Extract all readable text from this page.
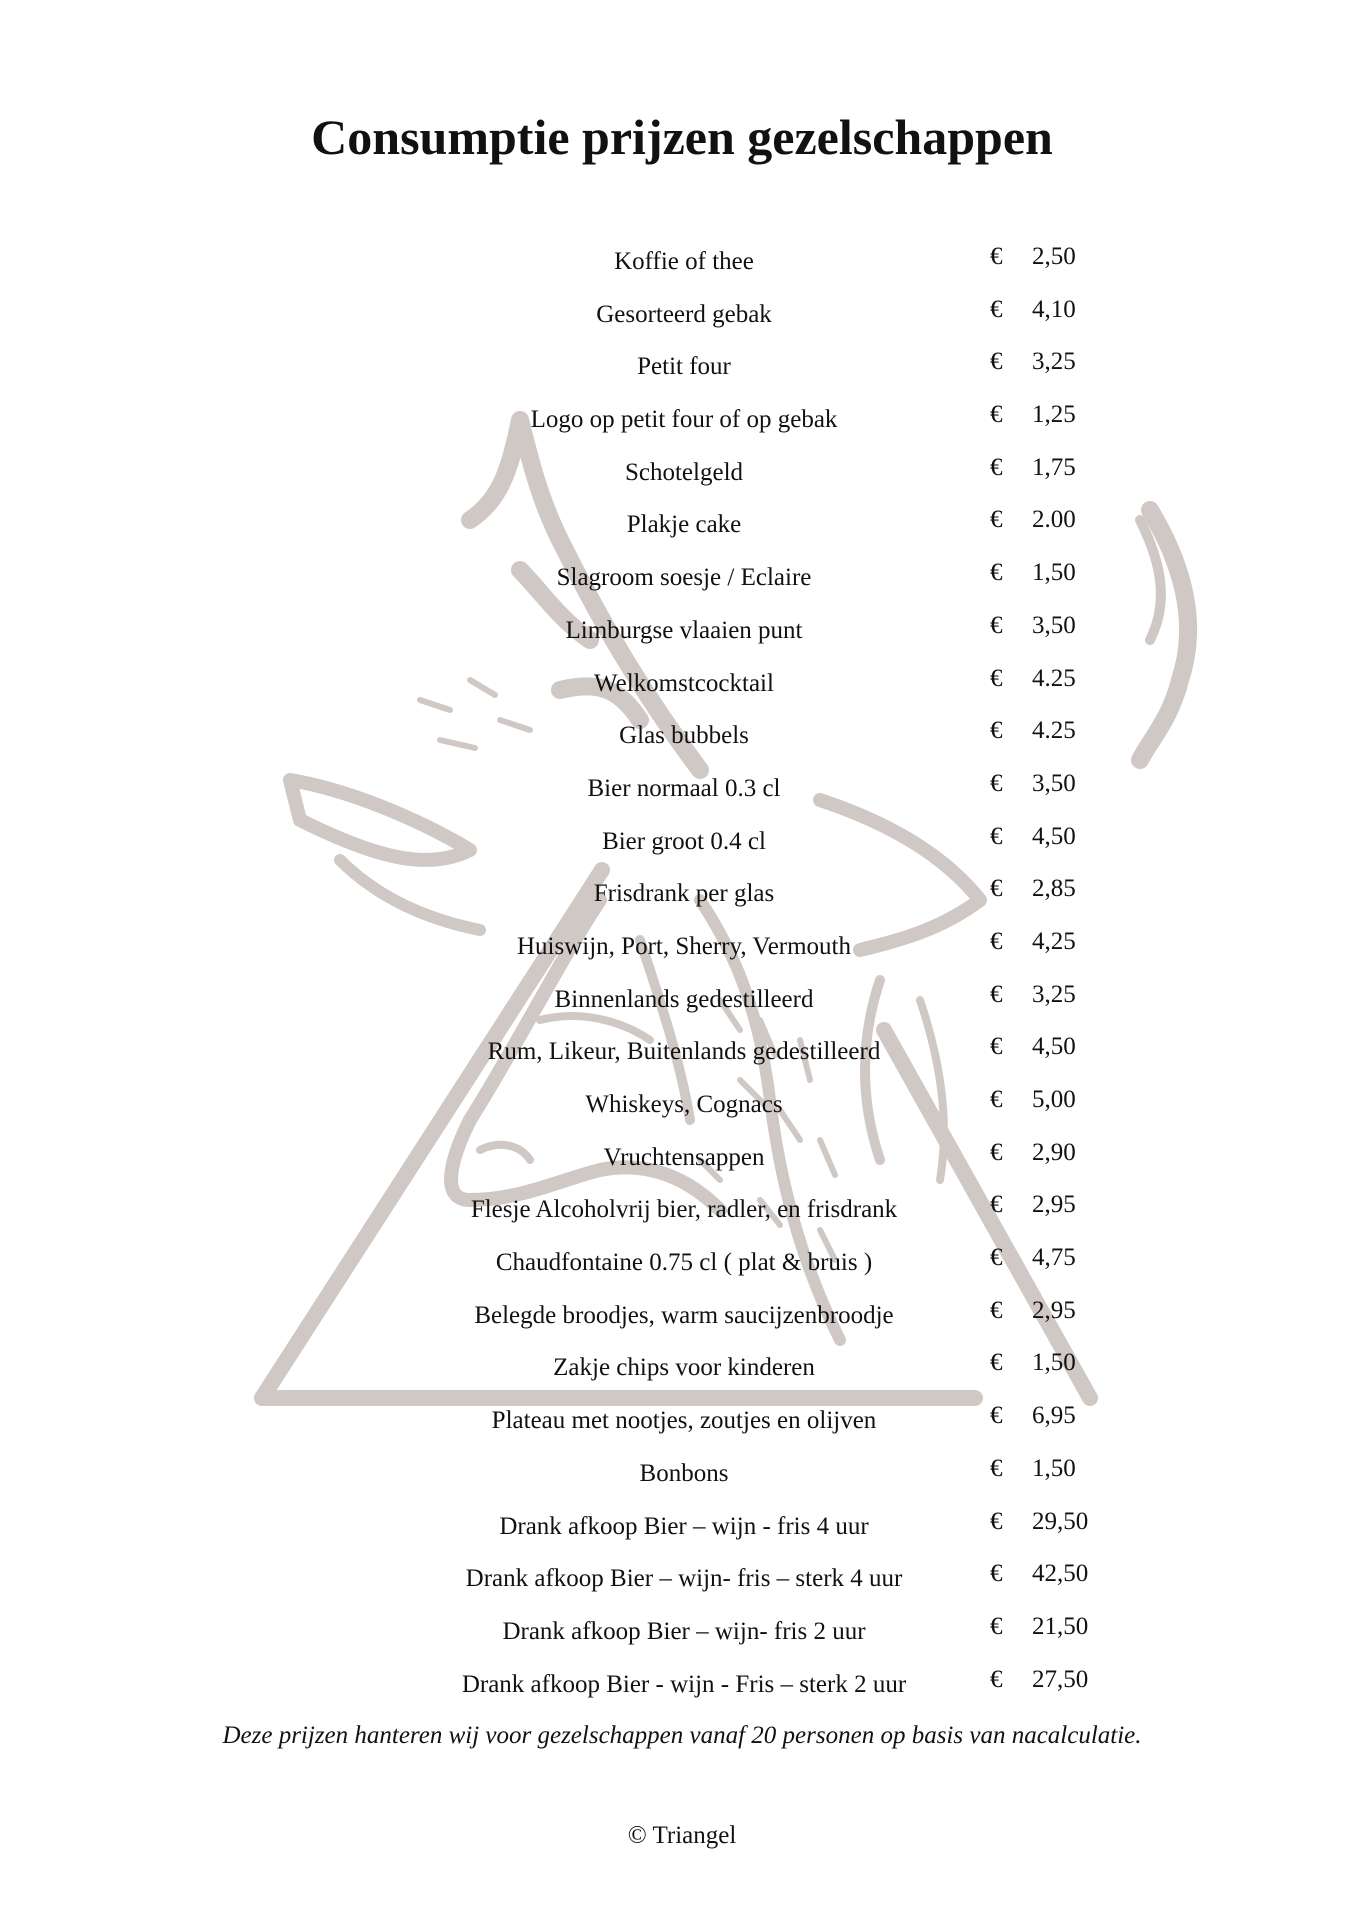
Consumptie prijzen gezelschappen
Koffie of thee	€ 2,50
Gesorteerd gebak	€ 4,10
Petit four	€ 3,25
Logo op petit four of op gebak	€ 1,25
Schotelgeld	€ 1,75
Plakje cake	€ 2.00
Slagroom soesje / Eclaire	€ 1,50
Limburgse vlaaien punt	€ 3,50
Welkomstcocktail	€ 4.25
Glas bubbels	€ 4.25
Bier normaal 0.3 cl	€ 3,50
Bier groot 0.4 cl	€ 4,50
Frisdrank per glas	€ 2,85
Huiswijn, Port, Sherry, Vermouth	€ 4,25
Binnenlands gedestilleerd	€ 3,25
Rum, Likeur, Buitenlands gedestilleerd	€ 4,50
Whiskeys, Cognacs	€ 5,00
Vruchtensappen	€ 2,90
Flesje Alcoholvrij bier, radler, en frisdrank	€ 2,95
Chaudfontaine 0.75 cl ( plat & bruis )	€ 4,75
Belegde broodjes, warm saucijzenbroodje	€ 2,95
Zakje chips voor kinderen	€ 1,50
Plateau met nootjes, zoutjes en olijven	€ 6,95
Bonbons	€ 1,50
Drank afkoop Bier – wijn - fris 4 uur	€ 29,50
Drank afkoop Bier – wijn- fris – sterk 4 uur	€ 42,50
Drank afkoop Bier – wijn- fris 2 uur	€ 21,50
Drank afkoop Bier - wijn - Fris – sterk 2 uur	€ 27,50
Deze prijzen hanteren wij voor gezelschappen vanaf 20 personen op basis van nacalculatie.
© Triangel
